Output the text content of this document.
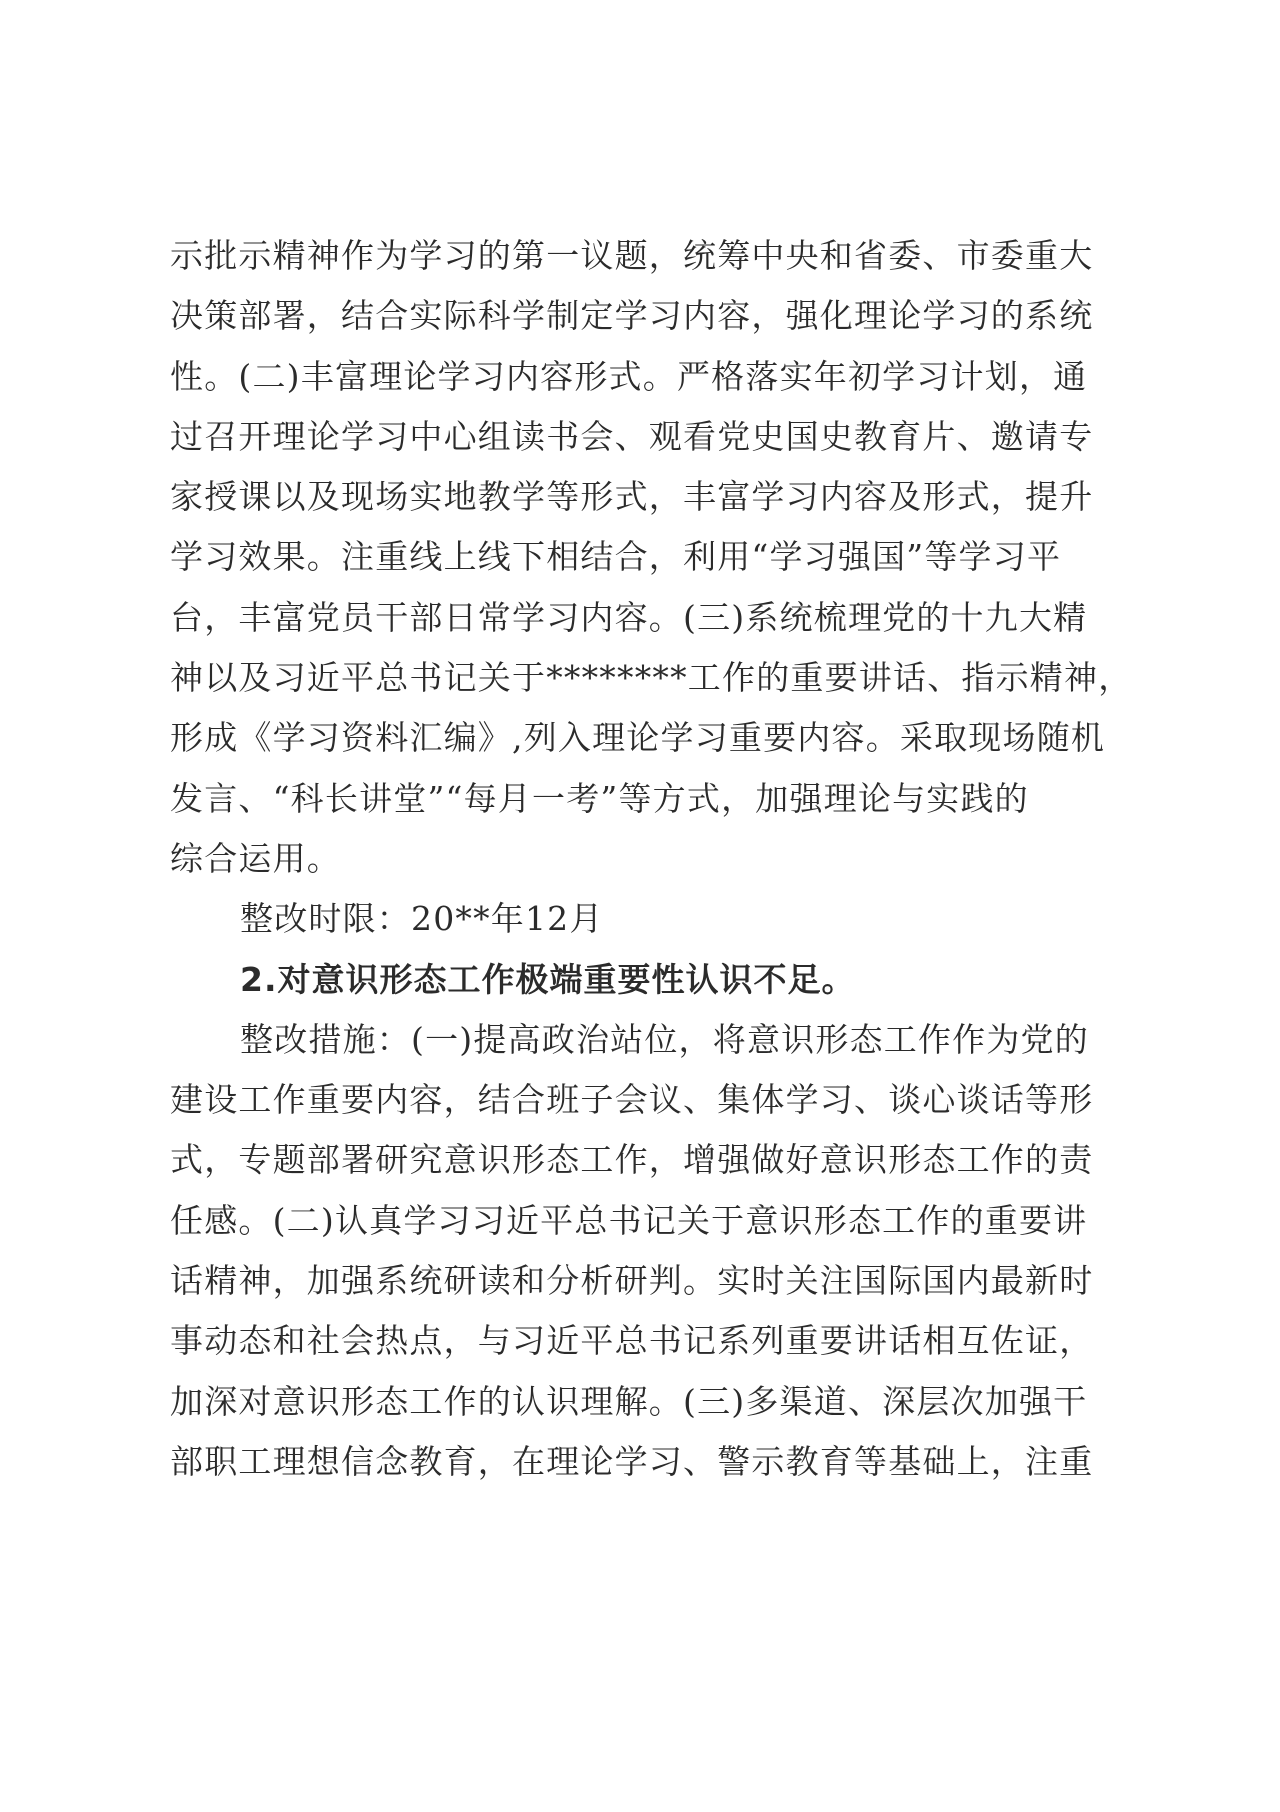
示批示精神作为学习的第一议题，统筹中央和省委、市委重大
决策部署，结合实际科学制定学习内容，强化理论学习的系统
性。(二)丰富理论学习内容形式。严格落实年初学习计划，通
过召开理论学习中心组读书会、观看党史国史教育片、邀请专
家授课以及现场实地教学等形式，丰富学习内容及形式，提升
学习效果。注重线上线下相结合，利用“学习强国”等学习平
台，丰富党员干部日常学习内容。(三)系统梳理党的十九大精
神以及习近平总书记关于********工作的重要讲话、指示精神，
形成《学习资料汇编》,列入理论学习重要内容。采取现场随机
发言、“科长讲堂”“每月一考”等方式，加强理论与实践的
综合运用。
整改时限：20**年12月
2.对意识形态工作极端重要性认识不足。
整改措施：(一)提高政治站位，将意识形态工作作为党的
建设工作重要内容，结合班子会议、集体学习、谈心谈话等形
式，专题部署研究意识形态工作，增强做好意识形态工作的责
任感。(二)认真学习习近平总书记关于意识形态工作的重要讲
话精神，加强系统研读和分析研判。实时关注国际国内最新时
事动态和社会热点，与习近平总书记系列重要讲话相互佐证，
加深对意识形态工作的认识理解。(三)多渠道、深层次加强干
部职工理想信念教育，在理论学习、警示教育等基础上，注重
